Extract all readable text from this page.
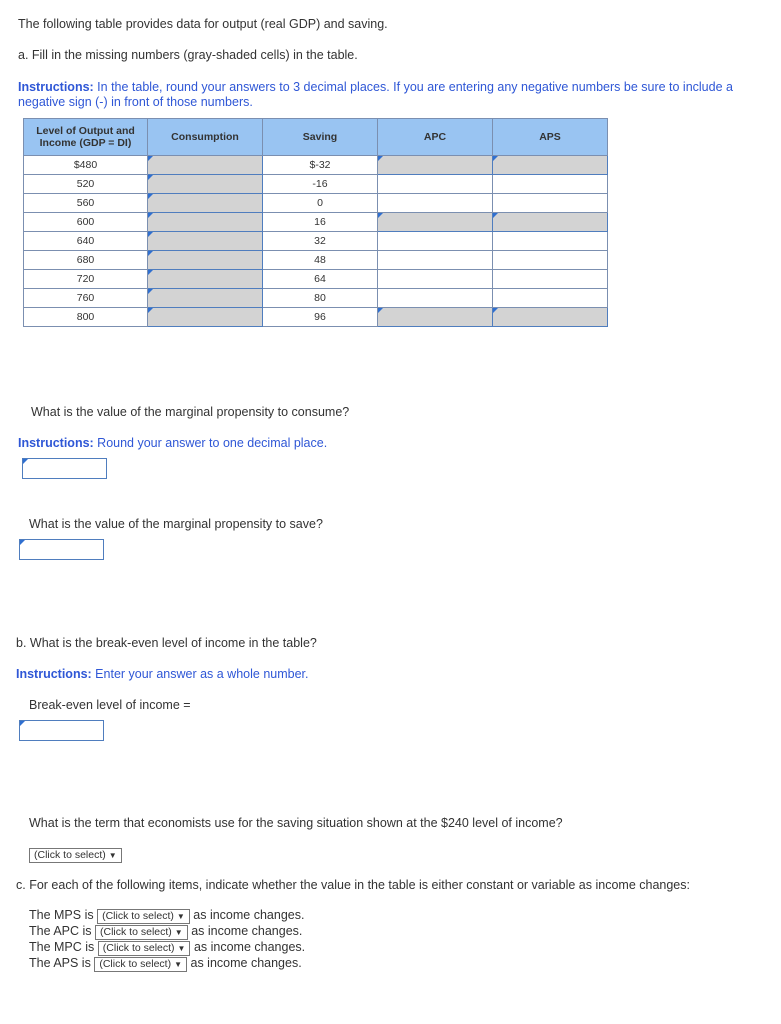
The following table provides data for output (real GDP) and saving.
a. Fill in the missing numbers (gray-shaded cells) in the table.
Instructions: In the table, round your answers to 3 decimal places. If you are entering any negative numbers be sure to include a negative sign (-) in front of those numbers.
Level of Output and Income (GDP = DI)	Consumption	Saving	APC	APS
$480		$-32		
520		-16		
560		0		
600		16		
640		32		
680		48		
720		64		
760		80		
800		96		
What is the value of the marginal propensity to consume?
Instructions: Round your answer to one decimal place.
What is the value of the marginal propensity to save?
b. What is the break-even level of income in the table?
Instructions: Enter your answer as a whole number.
Break-even level of income =
What is the term that economists use for the saving situation shown at the $240 level of income?
(Click to select) ▼
c. For each of the following items, indicate whether the value in the table is either constant or variable as income changes:
The MPS is (Click to select) ▼ as income changes.
The APC is (Click to select) ▼ as income changes.
The MPC is (Click to select) ▼ as income changes.
The APS is (Click to select) ▼ as income changes.
